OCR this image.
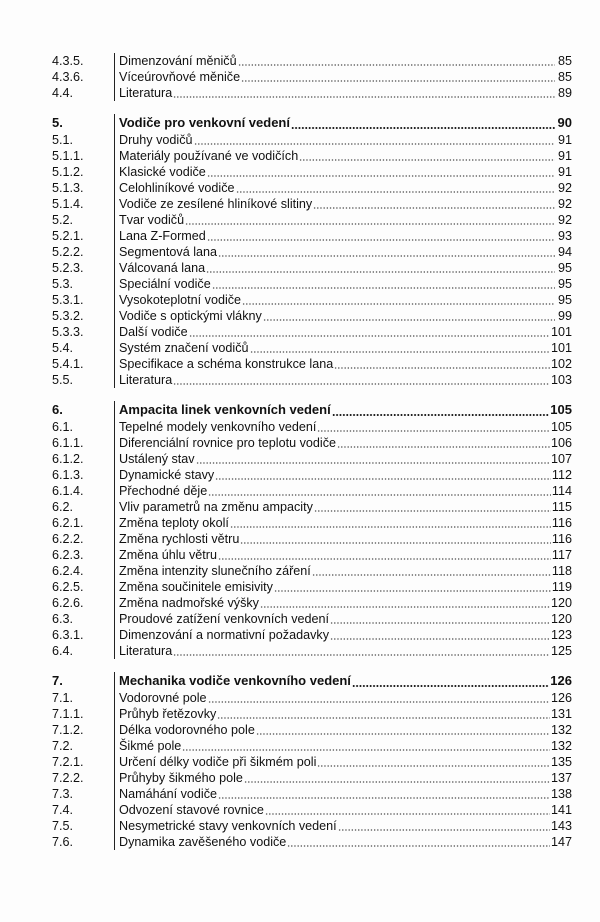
4.3.5.	Dimenzování měničů	85
4.3.6.	Víceúrovňové měniče	85
4.4.	Literatura	89
5.	Vodiče pro venkovní vedení	90
5.1.	Druhy vodičů	91
5.1.1.	Materiály používané ve vodičích	91
5.1.2.	Klasické vodiče	91
5.1.3.	Celohliníkové vodiče	92
5.1.4.	Vodiče ze zesílené hliníkové slitiny	92
5.2.	Tvar vodičů	92
5.2.1.	Lana Z-Formed	93
5.2.2.	Segmentová lana	94
5.2.3.	Válcovaná lana	95
5.3.	Speciální vodiče	95
5.3.1.	Vysokoteplotní vodiče	95
5.3.2.	Vodiče s optickými vlákny	99
5.3.3.	Další vodiče	101
5.4.	Systém značení vodičů	101
5.4.1.	Specifikace a schéma konstrukce lana	102
5.5.	Literatura	103
6.	Ampacita linek venkovních vedení	105
6.1.	Tepelné modely venkovního vedení	105
6.1.1.	Diferenciální rovnice pro teplotu vodiče	106
6.1.2.	Ustálený stav	107
6.1.3.	Dynamické stavy	112
6.1.4.	Přechodné děje	114
6.2.	Vliv parametrů na změnu ampacity	115
6.2.1.	Změna teploty okolí	116
6.2.2.	Změna rychlosti větru	116
6.2.3.	Změna úhlu větru	117
6.2.4.	Změna intenzity slunečního záření	118
6.2.5.	Změna součinitele emisivity	119
6.2.6.	Změna nadmořské výšky	120
6.3.	Proudové zatížení venkovních vedení	120
6.3.1.	Dimenzování a normativní požadavky	123
6.4.	Literatura	125
7.	Mechanika vodiče venkovního vedení	126
7.1.	Vodorovné pole	126
7.1.1.	Průhyb řetězovky	131
7.1.2.	Délka vodorovného pole	132
7.2.	Šikmé pole	132
7.2.1.	Určení délky vodiče při šikmém poli	135
7.2.2.	Průhyby šikmého pole	137
7.3.	Namáhání vodiče	138
7.4.	Odvození stavové rovnice	141
7.5.	Nesymetrické stavy venkovních vedení	143
7.6.	Dynamika zavěšeného vodiče	147
